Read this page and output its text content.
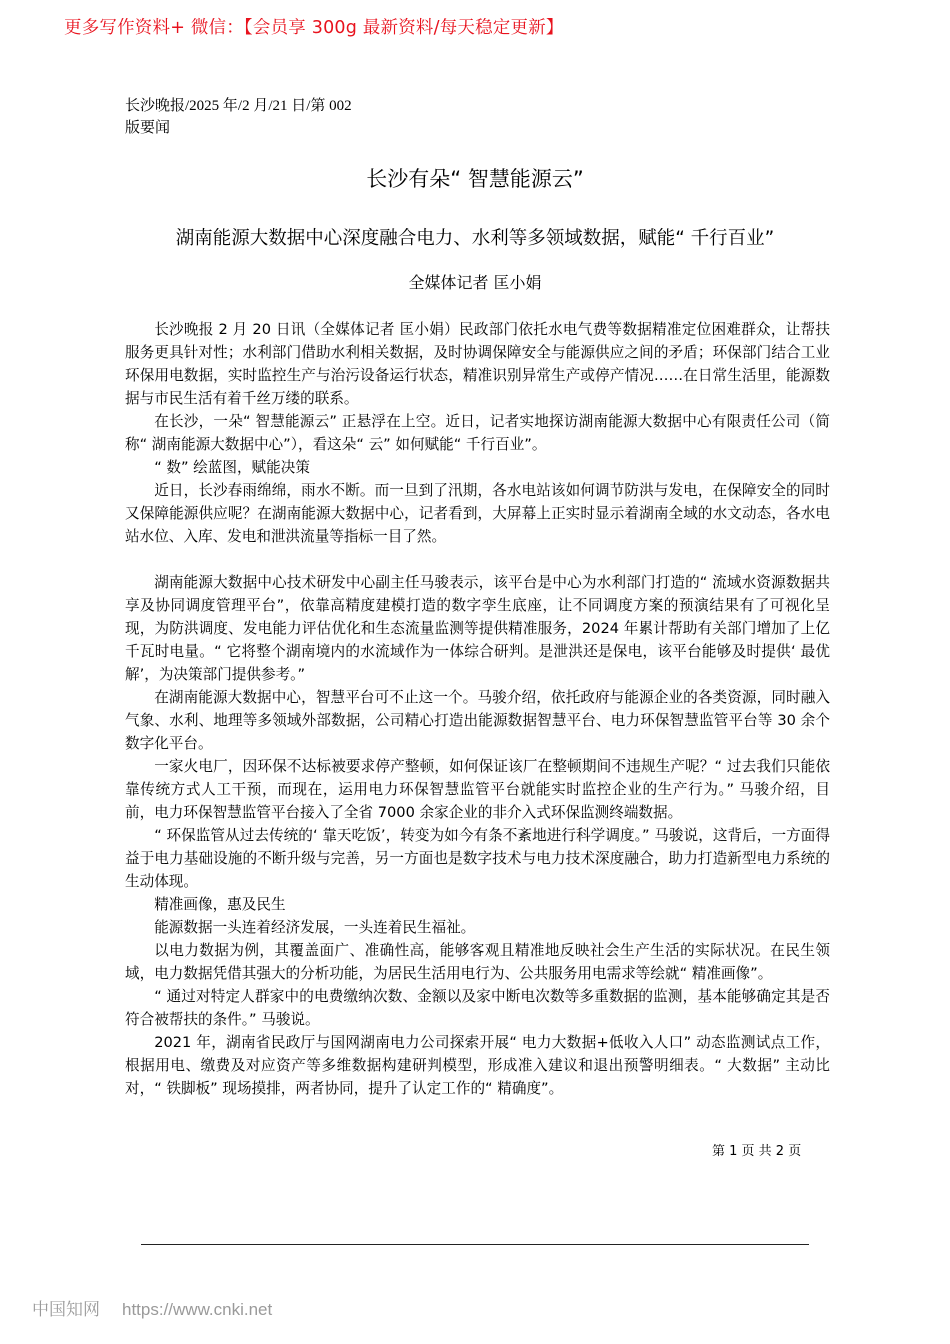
更多写作资料+ 微信：【会员享 300g 最新资料/每天稳定更新】
长沙晚报/2025 年/2 月/21 日/第 002
版要闻
长沙有朵“ 智慧能源云”
湖南能源大数据中心深度融合电力、水利等多领域数据，赋能“ 千行百业”
全媒体记者 匡小娟

长沙晚报 2 月 20 日讯（全媒体记者 匡小娟）民政部门依托水电气费等数据精准定位困难群众，让帮扶服务更具针对性；水利部门借助水利相关数据，及时协调保障安全与能源供应之间的矛盾；环保部门结合工业环保用电数据，实时监控生产与治污设备运行状态，精准识别异常生产或停产情况……在日常生活里，能源数据与市民生活有着千丝万缕的联系。

在长沙，一朵“ 智慧能源云” 正悬浮在上空。近日，记者实地探访湖南能源大数据中心有限责任公司（简称“ 湖南能源大数据中心”），看这朵“ 云” 如何赋能“ 千行百业”。

“ 数” 绘蓝图，赋能决策

近日，长沙春雨绵绵，雨水不断。而一旦到了汛期，各水电站该如何调节防洪与发电，在保障安全的同时又保障能源供应呢？在湖南能源大数据中心，记者看到，大屏幕上正实时显示着湖南全域的水文动态，各水电站水位、入库、发电和泄洪流量等指标一目了然。

湖南能源大数据中心技术研发中心副主任马骏表示，该平台是中心为水利部门打造的“ 流域水资源数据共享及协同调度管理平台”，依靠高精度建模打造的数字孪生底座，让不同调度方案的预演结果有了可视化呈现，为防洪调度、发电能力评估优化和生态流量监测等提供精准服务，2024 年累计帮助有关部门增加了上亿千瓦时电量。“ 它将整个湖南境内的水流域作为一体综合研判。是泄洪还是保电，该平台能够及时提供‘ 最优解’，为决策部门提供参考。”

在湖南能源大数据中心，智慧平台可不止这一个。马骏介绍，依托政府与能源企业的各类资源，同时融入气象、水利、地理等多领域外部数据，公司精心打造出能源数据智慧平台、电力环保智慧监管平台等 30 余个数字化平台。

一家火电厂，因环保不达标被要求停产整顿，如何保证该厂在整顿期间不违规生产呢？“ 过去我们只能依靠传统方式人工干预，而现在，运用电力环保智慧监管平台就能实时监控企业的生产行为。” 马骏介绍，目前，电力环保智慧监管平台接入了全省 7000 余家企业的非介入式环保监测终端数据。

“ 环保监管从过去传统的‘ 靠天吃饭’，转变为如今有条不紊地进行科学调度。” 马骏说，这背后，一方面得益于电力基础设施的不断升级与完善，另一方面也是数字技术与电力技术深度融合，助力打造新型电力系统的生动体现。

精准画像，惠及民生

能源数据一头连着经济发展，一头连着民生福祉。

以电力数据为例，其覆盖面广、准确性高，能够客观且精准地反映社会生产生活的实际状况。在民生领域，电力数据凭借其强大的分析功能，为居民生活用电行为、公共服务用电需求等绘就“ 精准画像”。

“ 通过对特定人群家中的电费缴纳次数、金额以及家中断电次数等多重数据的监测，基本能够确定其是否符合被帮扶的条件。” 马骏说。

2021 年，湖南省民政厅与国网湖南电力公司探索开展“ 电力大数据+低收入人口” 动态监测试点工作，根据用电、缴费及对应资产等多维数据构建研判模型，形成准入建议和退出预警明细表。“ 大数据” 主动比对，“ 铁脚板” 现场摸排，两者协同，提升了认定工作的“ 精确度”。

第 1 页 共 2 页
中国知网 https://www.cnki.net
